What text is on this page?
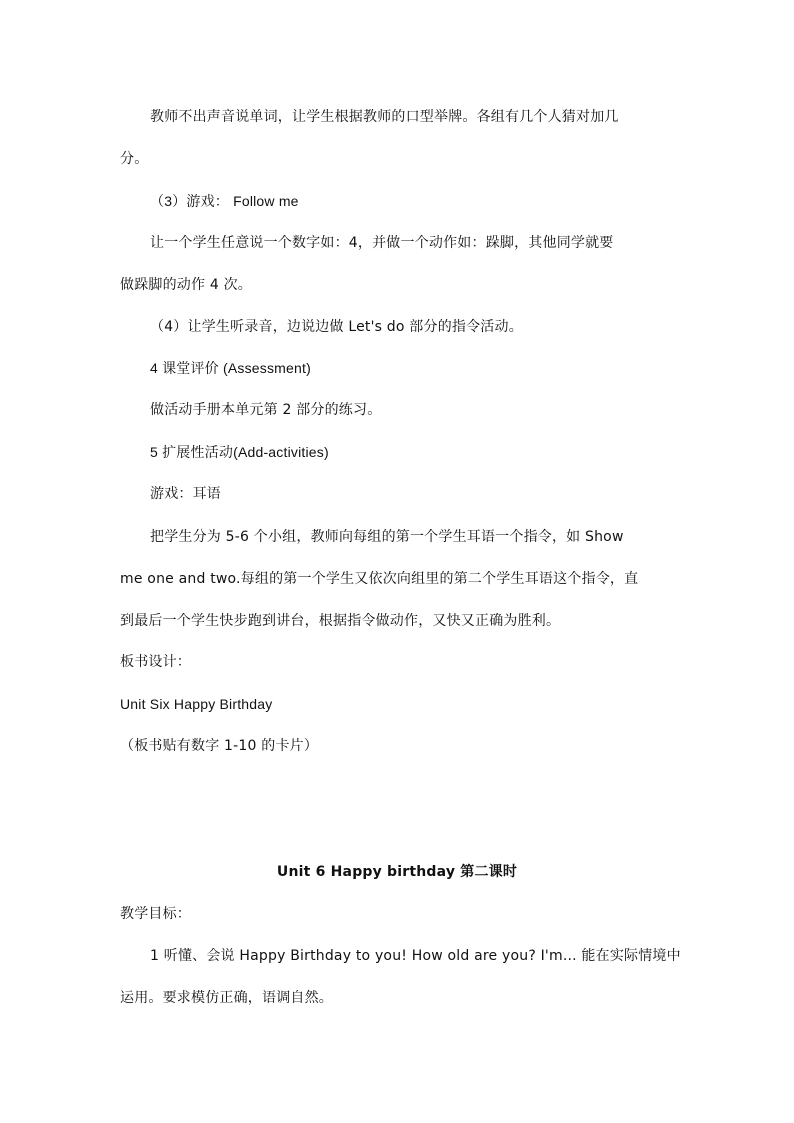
教师不出声音说单词，让学生根据教师的口型举牌。各组有几个人猜对加几
分。
（3）游戏： Follow me
让一个学生任意说一个数字如：4，并做一个动作如：跺脚，其他同学就要
做跺脚的动作 4 次。
（4）让学生听录音，边说边做 Let's do 部分的指令活动。
4 课堂评价 (Assessment)
做活动手册本单元第 2 部分的练习。
5 扩展性活动(Add-activities)
游戏：耳语
把学生分为 5-6 个小组，教师向每组的第一个学生耳语一个指令，如 Show
me one and two.每组的第一个学生又依次向组里的第二个学生耳语这个指令，直
到最后一个学生快步跑到讲台，根据指令做动作，又快又正确为胜利。
板书设计：
Unit Six Happy Birthday
（板书贴有数字 1-10 的卡片）
Unit 6 Happy birthday 第二课时
教学目标：
1 听懂、会说 Happy Birthday to you! How old are you? I'm... 能在实际情境中
运用。要求模仿正确，语调自然。
